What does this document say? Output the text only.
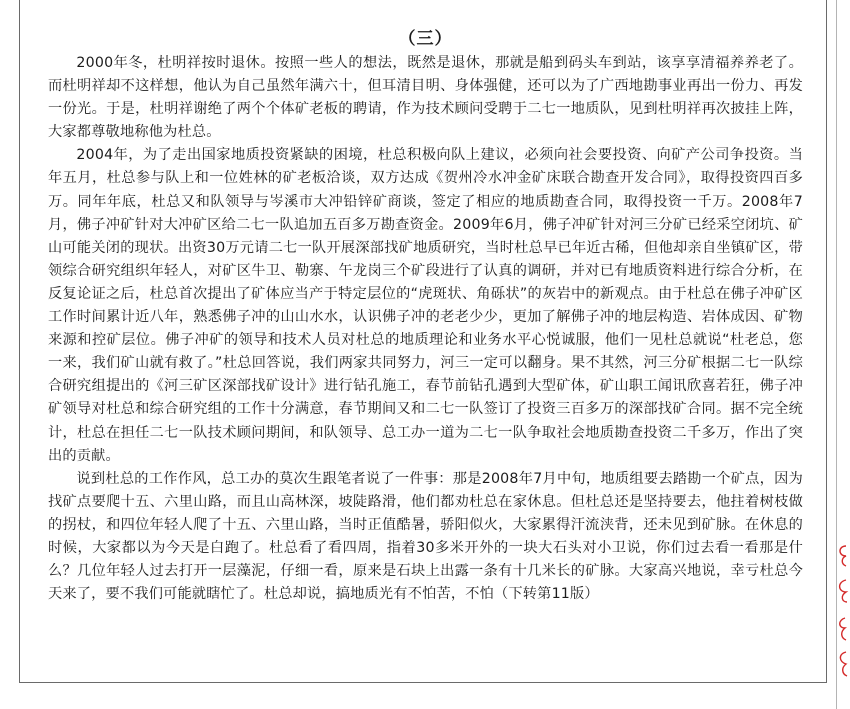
（三）

2000年冬，杜明祥按时退休。按照一些人的想法，既然是退休，那就是船到码头车到站，该享享清福养养老了。而杜明祥却不这样想，他认为自己虽然年满六十，但耳清目明、身体强健，还可以为了广西地勘事业再出一份力、再发一份光。于是，杜明祥谢绝了两个个体矿老板的聘请，作为技术顾问受聘于二七一地质队，见到杜明祥再次披挂上阵，大家都尊敬地称他为杜总。

2004年，为了走出国家地质投资紧缺的困境，杜总积极向队上建议，必须向社会要投资、向矿产公司争投资。当年五月，杜总参与队上和一位姓林的矿老板洽谈，双方达成《贺州冷水冲金矿床联合勘查开发合同》，取得投资四百多万。同年年底，杜总又和队领导与岑溪市大冲铅锌矿商谈，签定了相应的地质勘查合同，取得投资一千万。2008年7月，佛子冲矿针对大冲矿区给二七一队追加五百多万勘查资金。2009年6月，佛子冲矿针对河三分矿已经采空闭坑、矿山可能关闭的现状。出资30万元请二七一队开展深部找矿地质研究，当时杜总早已年近古稀，但他却亲自坐镇矿区，带领综合研究组织年轻人，对矿区牛卫、勒寨、午龙岗三个矿段进行了认真的调研，并对已有地质资料进行综合分析，在反复论证之后，杜总首次提出了矿体应当产于特定层位的“虎斑状、角砾状”的灰岩中的新观点。由于杜总在佛子冲矿区工作时间累计近八年，熟悉佛子冲的山山水水，认识佛子冲的老老少少，更加了解佛子冲的地层构造、岩体成因、矿物来源和控矿层位。佛子冲矿的领导和技术人员对杜总的地质理论和业务水平心悦诚服，他们一见杜总就说“杜老总，您一来，我们矿山就有救了。”杜总回答说，我们两家共同努力，河三一定可以翻身。果不其然，河三分矿根据二七一队综合研究组提出的《河三矿区深部找矿设计》进行钻孔施工，春节前钻孔遇到大型矿体，矿山职工闻讯欣喜若狂，佛子冲矿领导对杜总和综合研究组的工作十分满意，春节期间又和二七一队签订了投资三百多万的深部找矿合同。据不完全统计，杜总在担任二七一队技术顾问期间，和队领导、总工办一道为二七一队争取社会地质勘查投资二千多万，作出了突出的贡献。

说到杜总的工作作风，总工办的莫次生跟笔者说了一件事：那是2008年7月中旬，地质组要去踏勘一个矿点，因为找矿点要爬十五、六里山路，而且山高林深，坡陡路滑，他们都劝杜总在家休息。但杜总还是坚持要去，他拄着树枝做的拐杖，和四位年轻人爬了十五、六里山路，当时正值酷暑，骄阳似火，大家累得汗流浃背，还未见到矿脉。在休息的时候，大家都以为今天是白跑了。杜总看了看四周，指着30多米开外的一块大石头对小卫说，你们过去看一看那是什么？几位年轻人过去打开一层藻泥，仔细一看，原来是石块上出露一条有十几米长的矿脉。大家高兴地说，幸亏杜总今天来了，要不我们可能就瞎忙了。杜总却说，搞地质光有不怕苦，不怕（下转第11版）
